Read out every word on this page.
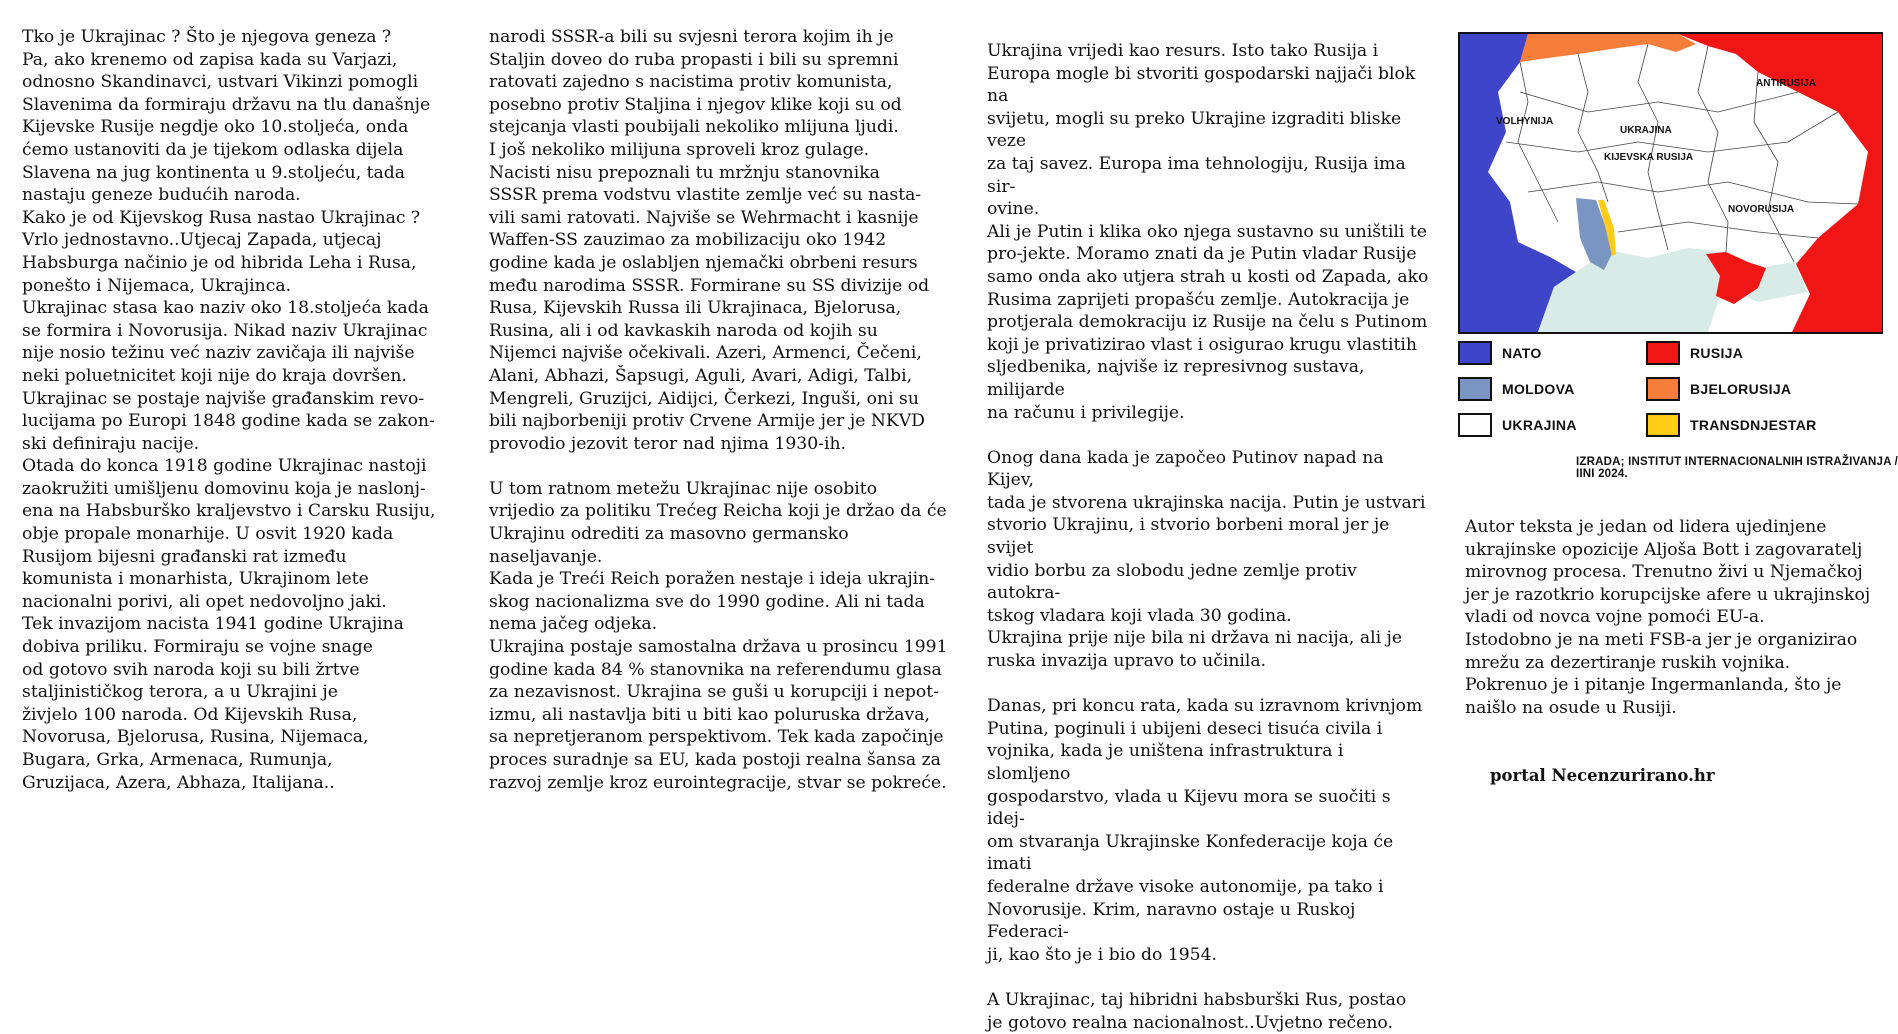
Tko je Ukrajinac ? Što je njegova geneza ?

Pa, ako krenemo od zapisa kada su Varjazi,

odnosno Skandinavci, ustvari Vikinzi pomogli

Slavenima da formiraju državu na tlu današnje

Kijevske Rusije negdje oko 10.stoljeća, onda

ćemo ustanoviti da je tijekom odlaska dijela

Slavena na jug kontinenta u 9.stoljeću, tada

nastaju geneze budućih naroda.

Kako je od Kijevskog Rusa nastao Ukrajinac ?

Vrlo jednostavno..Utjecaj Zapada, utjecaj

Habsburga načinio je od hibrida Leha i Rusa,

ponešto i Nijemaca, Ukrajinca.

Ukrajinac stasa kao naziv oko 18.stoljeća kada

se formira i Novorusija. Nikad naziv Ukrajinac

nije nosio težinu već naziv zavičaja ili najviše

neki poluetnicitet koji nije do kraja dovršen.

Ukrajinac se postaje najviše građanskim revo-

lucijama po Europi 1848 godine kada se zakon-

ski definiraju nacije.

Otada do konca 1918 godine Ukrajinac nastoji

zaokružiti umišljenu domovinu koja je naslonj-

ena na Habsburško kraljevstvo i Carsku Rusiju,

obje propale monarhije. U osvit 1920 kada

Rusijom bijesni građanski rat između

komunista i monarhista, Ukrajinom lete

nacionalni porivi, ali opet nedovoljno jaki.

Tek invazijom nacista 1941 godine Ukrajina

dobiva priliku. Formiraju se vojne snage

od gotovo svih naroda koji su bili žrtve

staljinističkog terora, a u Ukrajini je

živjelo 100 naroda. Od Kijevskih Rusa,

Novorusa, Bjelorusa, Rusina, Nijemaca,

Bugara, Grka, Armenaca, Rumunja,

Gruzijaca, Azera, Abhaza, Italijana..

narodi SSSR-a bili su svjesni terora kojim ih je

Staljin doveo do ruba propasti i bili su spremni

ratovati zajedno s nacistima protiv komunista,

posebno protiv Staljina i njegov klike koji su od

stejcanja vlasti poubijali nekoliko mlijuna ljudi.

I još nekoliko milijuna sproveli kroz gulage.

Nacisti nisu prepoznali tu mržnju stanovnika

SSSR prema vodstvu vlastite zemlje već su nasta-

vili sami ratovati. Najviše se Wehrmacht i kasnije

Waffen-SS zauzimao za mobilizaciju oko 1942

godine kada je oslabljen njemački obrbeni resurs

među narodima SSSR. Formirane su SS divizije od

Rusa, Kijevskih Russa ili Ukrajinaca, Bjelorusa,

Rusina, ali i od kavkaskih naroda od kojih su

Nijemci najviše očekivali. Azeri, Armenci, Čečeni,

Alani, Abhazi, Šapsugi, Aguli, Avari, Adigi, Talbi,

Mengreli, Gruzijci, Aidijci, Čerkezi, Inguši, oni su

bili najborbeniji protiv Crvene Armije jer je NKVD

provodio jezovit teror nad njima 1930-ih.

U tom ratnom metežu Ukrajinac nije osobito

vrijedio za politiku Trećeg Reicha koji je držao da će

Ukrajinu odrediti za masovno germansko

naseljavanje.

Kada je Treći Reich poražen nestaje i ideja ukrajin-

skog nacionalizma sve do 1990 godine. Ali ni tada

nema jačeg odjeka.

Ukrajina postaje samostalna država u prosincu 1991

godine kada 84 % stanovnika na referendumu glasa

za nezavisnost. Ukrajina se guši u korupciji i nepot-

izmu, ali nastavlja biti u biti kao poluruska država,

sa nepretjeranom perspektivom. Tek kada započinje

proces suradnje sa EU, kada postoji realna šansa za

razvoj zemlje kroz eurointegracije, stvar se pokreće.

Ukrajina vrijedi kao resurs. Isto tako Rusija i

Europa mogle bi stvoriti gospodarski najjači blok na

svijetu, mogli su preko Ukrajine izgraditi bliske veze

za taj savez. Europa ima tehnologiju, Rusija ima sir-

ovine.

Ali je Putin i klika oko njega sustavno su uništili te

pro-jekte. Moramo znati da je Putin vladar Rusije

samo onda ako utjera strah u kosti od Zapada, ako

Rusima zaprijeti propašću zemlje. Autokracija je

protjerala demokraciju iz Rusije na čelu s Putinom

koji je privatizirao vlast i osigurao krugu vlastitih

sljedbenika, najviše iz represivnog sustava, milijarde

na računu i privilegije.

Onog dana kada je započeo Putinov napad na Kijev,

tada je stvorena ukrajinska nacija. Putin je ustvari

stvorio Ukrajinu, i stvorio borbeni moral jer je svijet

vidio borbu za slobodu jedne zemlje protiv autokra-

tskog vladara koji vlada 30 godina.

Ukrajina prije nije bila ni država ni nacija, ali je

ruska invazija upravo to učinila.

Danas, pri koncu rata, kada su izravnom krivnjom

Putina, poginuli i ubijeni deseci tisuća civila i

vojnika, kada je uništena infrastruktura i slomljeno

gospodarstvo, vlada u Kijevu mora se suočiti s idej-

om stvaranja Ukrajinske Konfederacije koja će imati

federalne države visoke autonomije, pa tako i

Novorusije. Krim, naravno ostaje u Ruskoj Federaci-

ji, kao što je i bio do 1954.

A Ukrajinac, taj hibridni habsburški Rus, postao

je gotovo realna nacionalnost..Uvjetno rečeno.

Autor teksta je jedan od lidera ujedinjene

ukrajinske opozicije Aljoša Bott i zagovaratelj

mirovnog procesa. Trenutno živi u Njemačkoj

jer je razotkrio korupcijske afere u ukrajinskoj

vladi od novca vojne pomoći EU-a.

Istodobno je na meti FSB-a jer je organizirao

mrežu za dezertiranje ruskih vojnika.

Pokrenuo je i pitanje Ingermanlanda, što je

naišlo na osude u Rusiji.

portal Necenzurirano.hr
ANTIRUSIJA
VOLHYNIJA
UKRAJINA
KIJEVSKA RUSIJA
NOVORUSIJA
NATO
MOLDOVA
UKRAJINA
RUSIJA
BJELORUSIJA
TRANSDNJESTAR
IZRADA; INSTITUT INTERNACIONALNIH ISTRAŽIVANJA / IINI 2024.
